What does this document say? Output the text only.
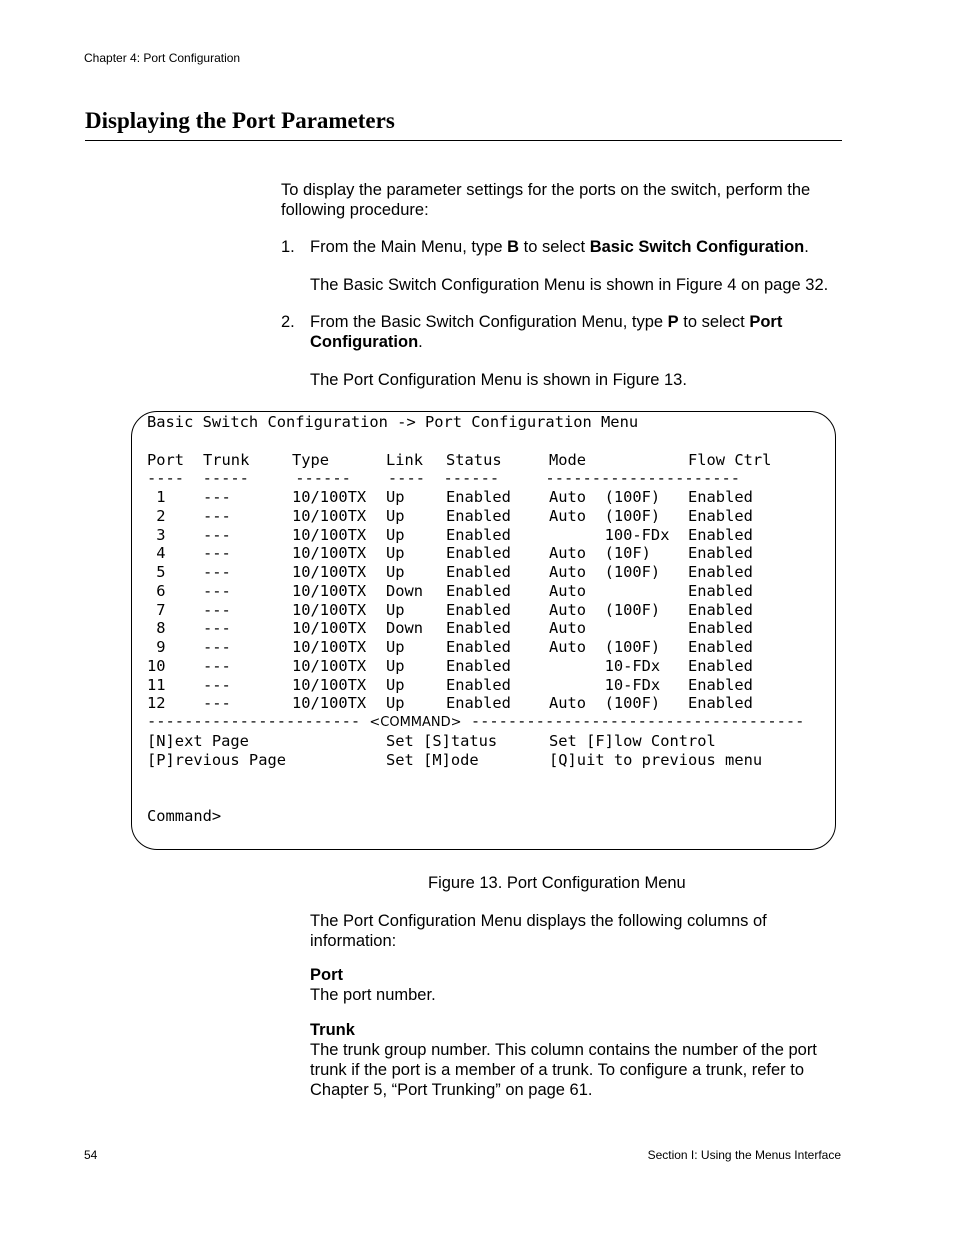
Chapter 4: Port Configuration
Displaying the Port Parameters
To display the parameter settings for the ports on the switch, perform the following procedure:
1. From the Main Menu, type B to select Basic Switch Configuration.
The Basic Switch Configuration Menu is shown in Figure 4 on page 32.
2. From the Basic Switch Configuration Menu, type P to select Port Configuration.
The Port Configuration Menu is shown in Figure 13.
Basic Switch Configuration -> Port Configuration Menu
Port Trunk	Type	Link Status	Mode	Flow Ctrl
----  -----     ------    ----  ------     ---------------------
1 ---	10/100TX Up	Enabled Auto  (100F) Enabled
2 ---	10/100TX Up	Enabled Auto  (100F) Enabled
3 ---	10/100TX Up	Enabled 100-FDx Enabled
4 ---	10/100TX Up	Enabled Auto  (10F) Enabled
5 ---	10/100TX Up	Enabled Auto  (100F) Enabled
6 ---	10/100TX Down Enabled Auto	Enabled
7 ---	10/100TX Up	Enabled Auto  (100F) Enabled
8 ---	10/100TX Down Enabled Auto	Enabled
9 ---	10/100TX Up	Enabled Auto  (100F) Enabled
10 ---	10/100TX Up	Enabled 10-FDx Enabled
11 ---	10/100TX Up	Enabled 10-FDx Enabled
12 ---	10/100TX Up	Enabled Auto  (100F) Enabled
----------------------- <COMMAND> ------------------------------------
[N]ext Page	Set [S]tatus	Set [F]low Control
[P]revious Page	Set [M]ode	[Q]uit to previous menu
Command>
Figure 13. Port Configuration Menu
The Port Configuration Menu displays the following columns of information:
Port
The port number.
Trunk
The trunk group number. This column contains the number of the port trunk if the port is a member of a trunk. To configure a trunk, refer to Chapter 5, “Port Trunking” on page 61.
54	Section I: Using the Menus Interface
